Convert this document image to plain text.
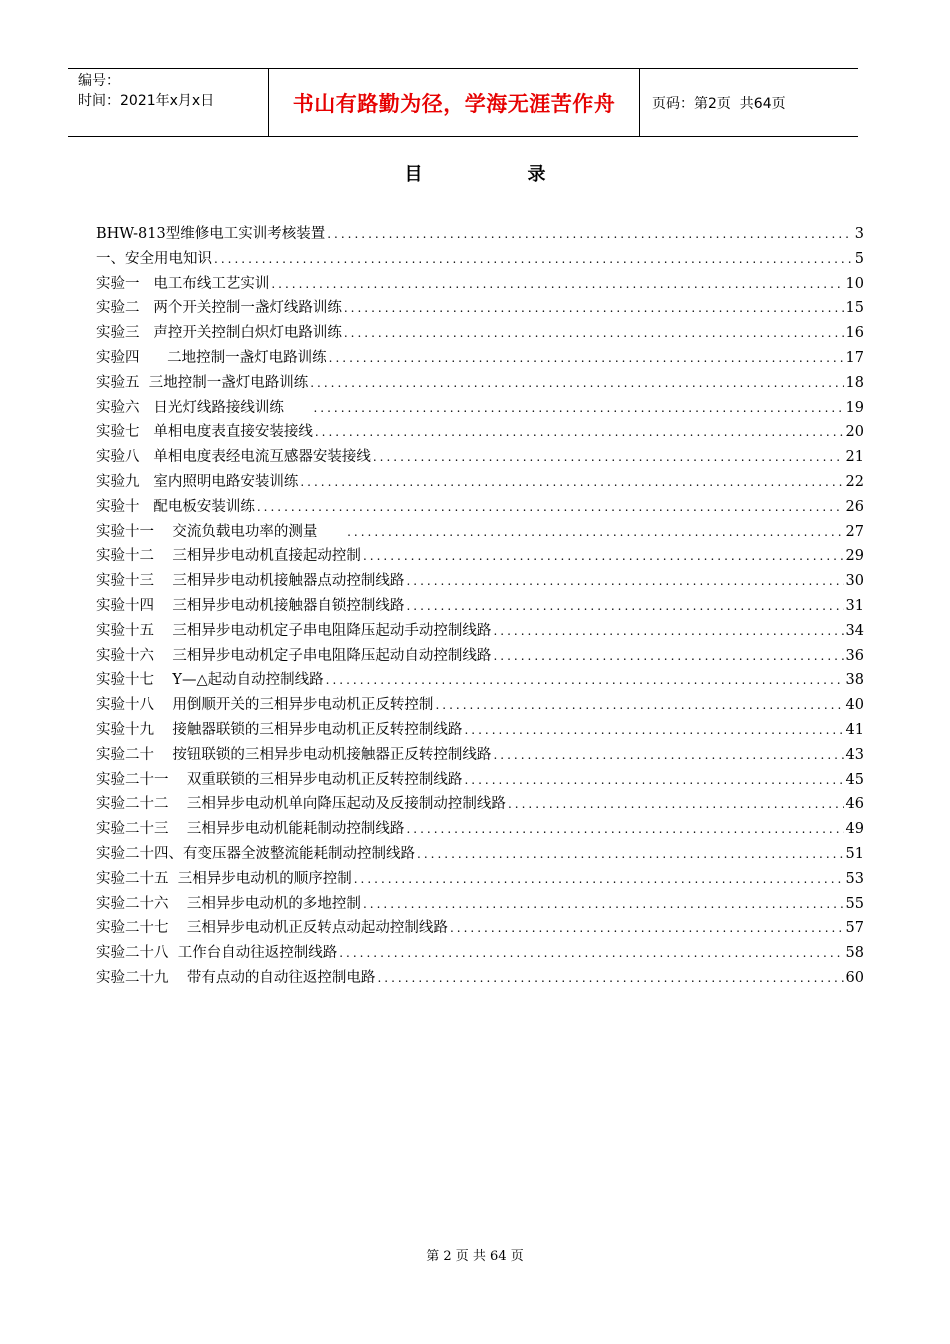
编号：
时间：2021年x月x日	书山有路勤为径，学海无涯苦作舟	页码：第2页  共64页
目	录
BHW-813型维修电工实训考核装置 .....	3
一、安全用电知识 .....	5
实验一   电工布线工艺实训 .....	10
实验二   两个开关控制一盏灯线路训练 .....	15
实验三   声控开关控制白炽灯电路训练 .....	16
实验四      二地控制一盏灯电路训练 .....	17
实验五  三地控制一盏灯电路训练 .....	18
实验六   日光灯线路接线训练 .....	19
实验七   单相电度表直接安装接线 .....	20
实验八   单相电度表经电流互感器安装接线 .....	21
实验九   室内照明电路安装训练 .....	22
实验十   配电板安装训练 .....	26
实验十一    交流负载电功率的测量 .....	27
实验十二    三相异步电动机直接起动控制 .....	29
实验十三    三相异步电动机接触器点动控制线路 .....	30
实验十四    三相异步电动机接触器自锁控制线路 .....	31
实验十五    三相异步电动机定子串电阻降压起动手动控制线路 .....	34
实验十六    三相异步电动机定子串电阻降压起动自动控制线路 .....	36
实验十七    Y—△起动自动控制线路 .....	38
实验十八    用倒顺开关的三相异步电动机正反转控制 .....	40
实验十九    接触器联锁的三相异步电动机正反转控制线路 .....	41
实验二十    按钮联锁的三相异步电动机接触器正反转控制线路 .....	43
实验二十一    双重联锁的三相异步电动机正反转控制线路 .....	45
实验二十二    三相异步电动机单向降压起动及反接制动控制线路 .....	46
实验二十三    三相异步电动机能耗制动控制线路 .....	49
实验二十四、有变压器全波整流能耗制动控制线路 .....	51
实验二十五  三相异步电动机的顺序控制 .....	53
实验二十六    三相异步电动机的多地控制 .....	55
实验二十七    三相异步电动机正反转点动起动控制线路 .....	57
实验二十八  工作台自动往返控制线路 .....	58
实验二十九    带有点动的自动往返控制电路 .....	60
第 2 页 共 64 页
